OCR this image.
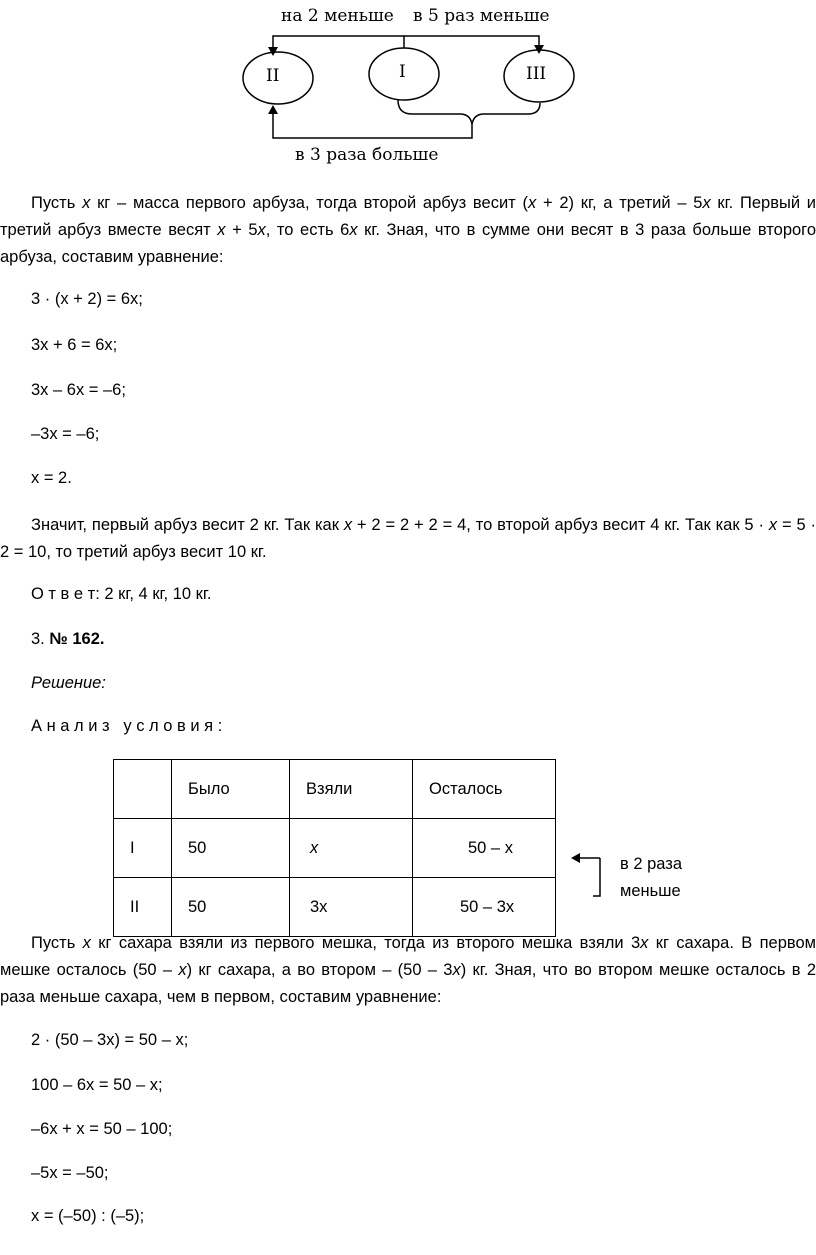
на 2 меньше в 5 раз меньше
в 3 раза больше
II	I	III
Пусть x кг – масса первого арбуза, тогда второй арбуз весит (x + 2) кг, а третий – 5x кг. Первый и третий арбуз вместе весят x + 5x, то есть 6x кг. Зная, что в сумме они весят в 3 раза больше второго арбуза, составим уравнение:
3 · (x + 2) = 6x;
3x + 6 = 6x;
3x – 6x = –6;
–3x = –6;
x = 2.
Значит, первый арбуз весит 2 кг. Так как x + 2 = 2 + 2 = 4, то второй арбуз весит 4 кг. Так как 5 · x = 5 · 2 = 10, то третий арбуз весит 10 кг.
О т в е т: 2 кг, 4 кг, 10 кг.
3. № 162.
Решение:
А н а л и з   у с л о в и я :
	Было	Взяли	Осталось
I	50	x	50 – x
II	50	3x	50 – 3x
в 2 раза
меньше
Пусть x кг сахара взяли из первого мешка, тогда из второго мешка взяли 3x кг сахара. В первом мешке осталось (50 – x) кг сахара, а во втором – (50 – 3x) кг. Зная, что во втором мешке осталось в 2 раза меньше сахара, чем в первом, составим уравнение:
2 · (50 – 3x) = 50 – x;
100 – 6x = 50 – x;
–6x + x = 50 – 100;
–5x = –50;
x = (–50) : (–5);
